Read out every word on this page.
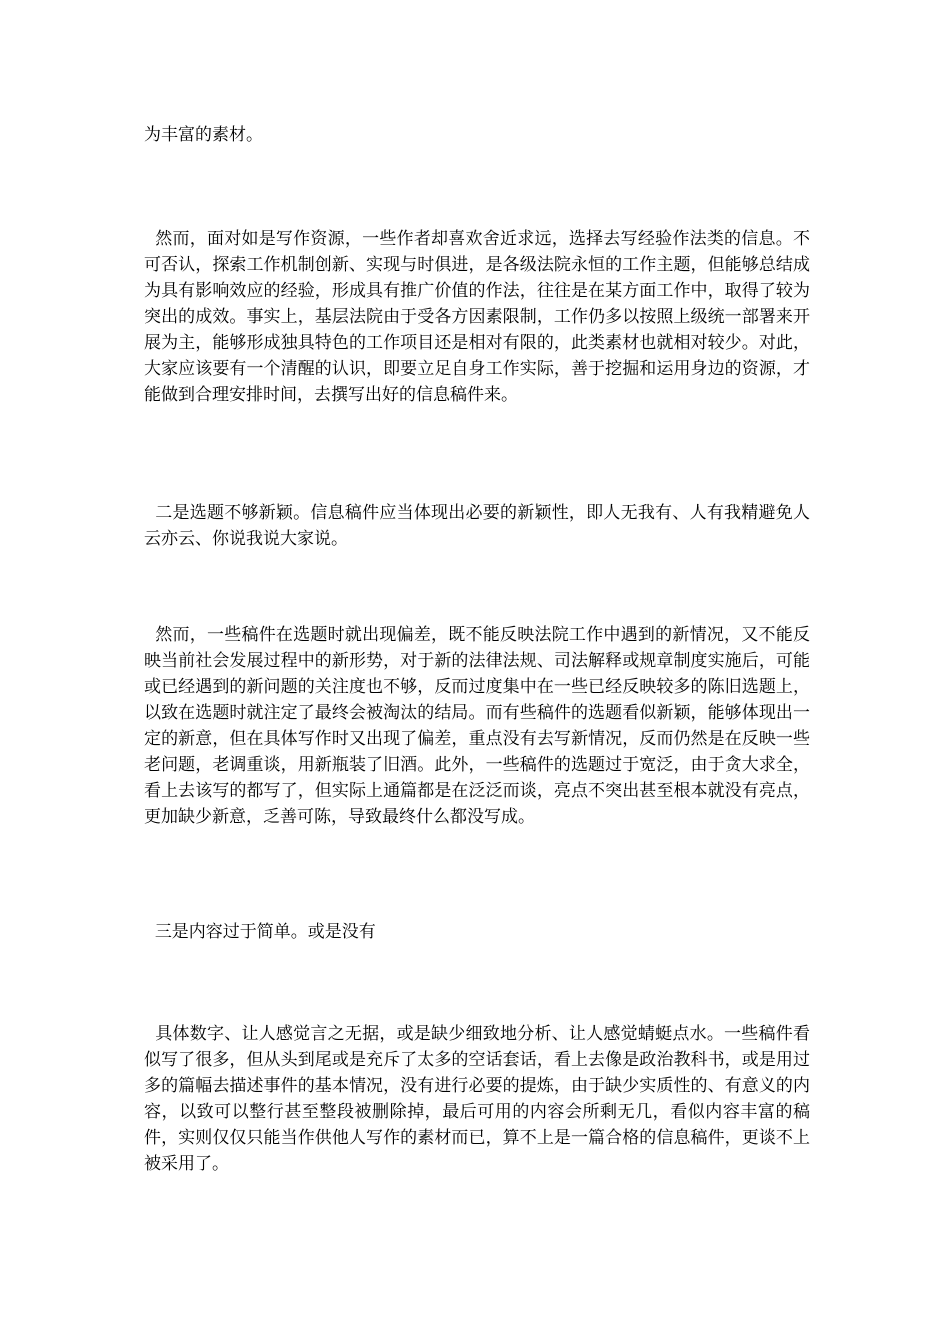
为丰富的素材。

然而，面对如是写作资源，一些作者却喜欢舍近求远，选择去写经验作法类的信息。不可否认，探索工作机制创新、实现与时俱进，是各级法院永恒的工作主题，但能够总结成为具有影响效应的经验，形成具有推广价值的作法，往往是在某方面工作中，取得了较为突出的成效。事实上，基层法院由于受各方因素限制，工作仍多以按照上级统一部署来开展为主，能够形成独具特色的工作项目还是相对有限的，此类素材也就相对较少。对此，大家应该要有一个清醒的认识，即要立足自身工作实际，善于挖掘和运用身边的资源，才能做到合理安排时间，去撰写出好的信息稿件来。

二是选题不够新颖。信息稿件应当体现出必要的新颖性，即人无我有、人有我精避免人云亦云、你说我说大家说。

然而，一些稿件在选题时就出现偏差，既不能反映法院工作中遇到的新情况，又不能反映当前社会发展过程中的新形势，对于新的法律法规、司法解释或规章制度实施后，可能或已经遇到的新问题的关注度也不够，反而过度集中在一些已经反映较多的陈旧选题上，以致在选题时就注定了最终会被淘汰的结局。而有些稿件的选题看似新颖，能够体现出一定的新意，但在具体写作时又出现了偏差，重点没有去写新情况，反而仍然是在反映一些老问题，老调重谈，用新瓶装了旧酒。此外，一些稿件的选题过于宽泛，由于贪大求全，看上去该写的都写了，但实际上通篇都是在泛泛而谈，亮点不突出甚至根本就没有亮点，更加缺少新意，乏善可陈，导致最终什么都没写成。

三是内容过于简单。或是没有

具体数字、让人感觉言之无据，或是缺少细致地分析、让人感觉蜻蜓点水。一些稿件看似写了很多，但从头到尾或是充斥了太多的空话套话，看上去像是政治教科书，或是用过多的篇幅去描述事件的基本情况，没有进行必要的提炼，由于缺少实质性的、有意义的内容，以致可以整行甚至整段被删除掉，最后可用的内容会所剩无几，看似内容丰富的稿件，实则仅仅只能当作供他人写作的素材而已，算不上是一篇合格的信息稿件，更谈不上被采用了。
